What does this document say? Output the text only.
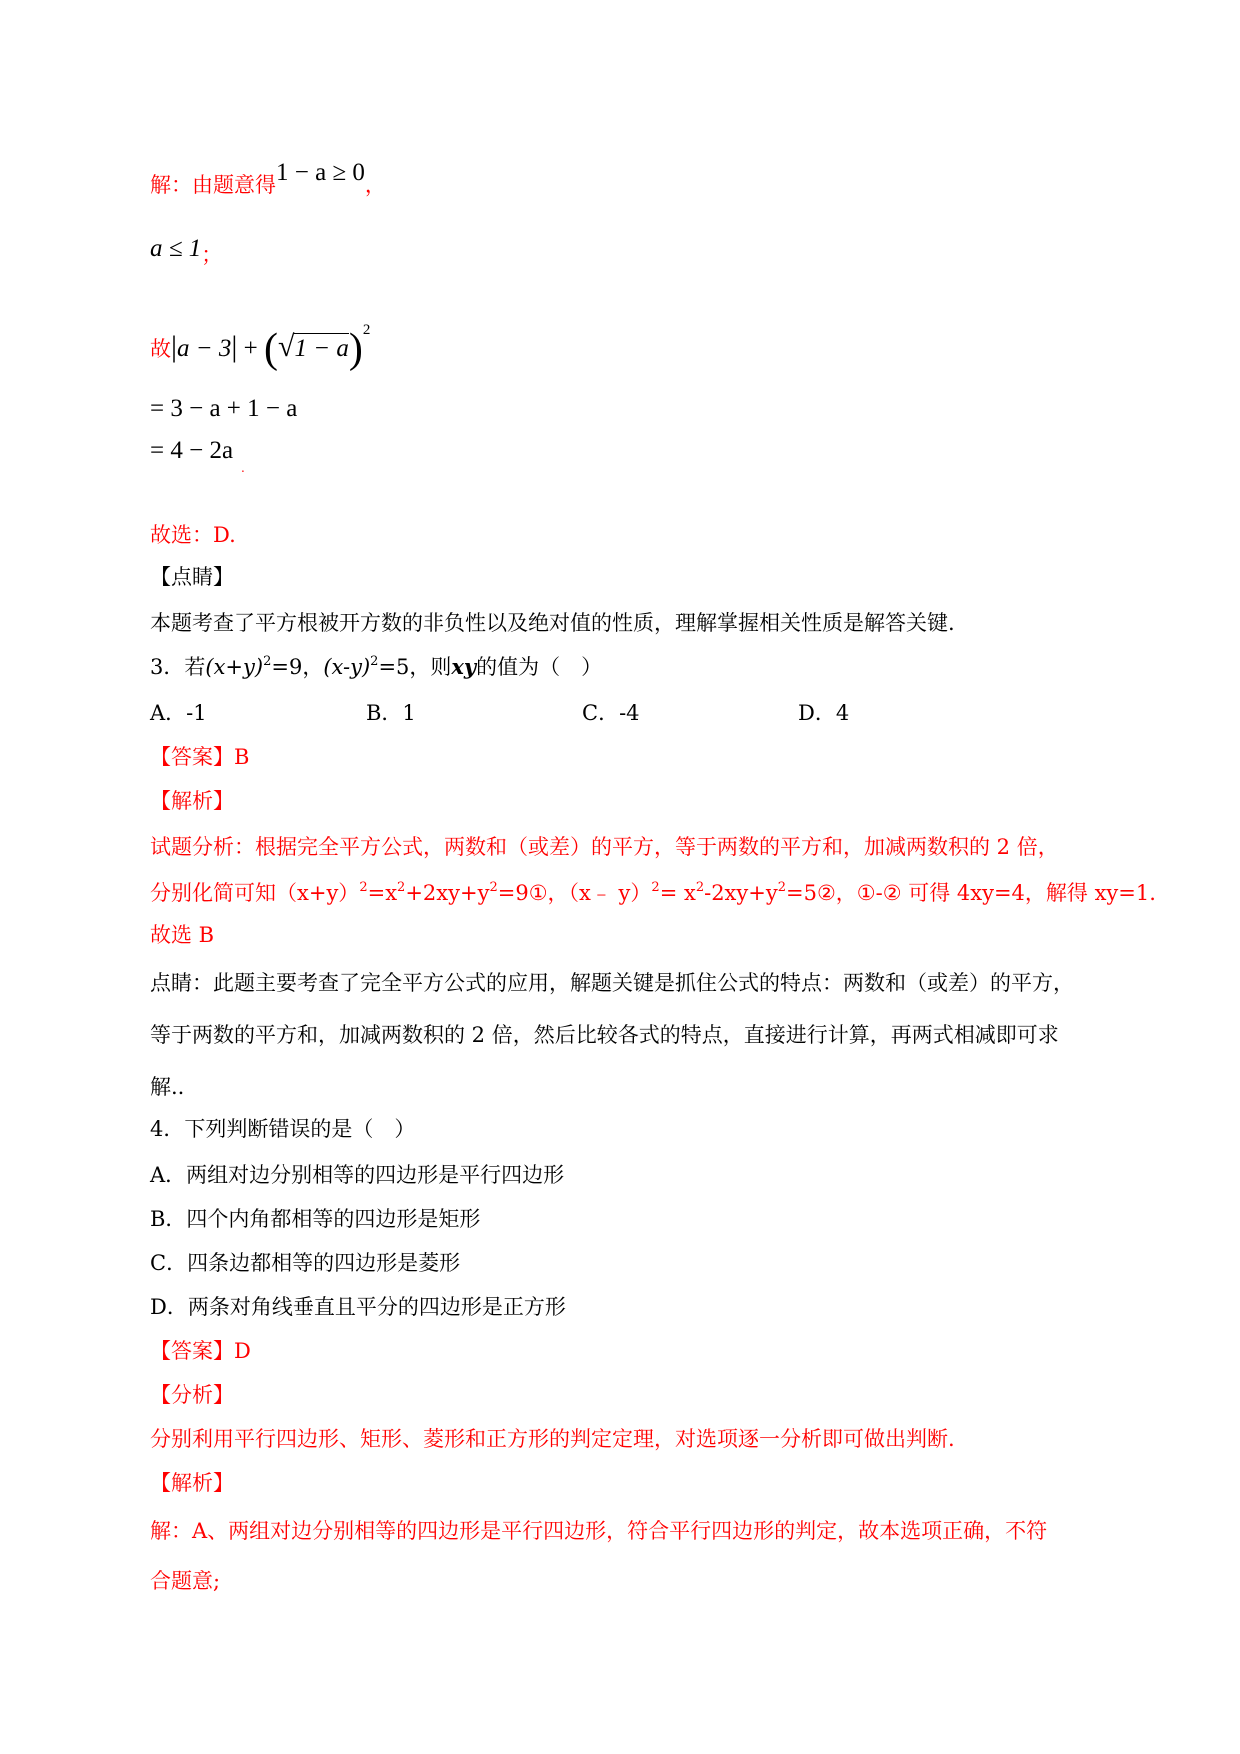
解：由题意得1 − a ≥ 0，
a ≤ 1；
故$|a - 3| + (√1 - a)^2$
= 3 − a + 1 − a
= $4 - 2a_.$
故选：D.
【点睛】
本题考查了平方根被开方数的非负性以及绝对值的性质，理解掌握相关性质是解答关键.
3．若$(x+y)^2=9$，$(x-y)^2=5$，则xy的值为（　）
A．-1	B．1	C．-4	D．4
【答案】B
【解析】
试题分析：根据完全平方公式，两数和（或差）的平方，等于两数的平方和，加减两数积的 2 倍，
分别化简可知$(x+y)^2=x^2+2xy+y^2=9①$，（x﹣ $y)^2= x^2-2xy+y^2=5②$，①-② 可得 4xy=4，解得 xy=1.
故选 B
点睛：此题主要考查了完全平方公式的应用，解题关键是抓住公式的特点：两数和（或差）的平方，
等于两数的平方和，加减两数积的 2 倍，然后比较各式的特点，直接进行计算，再两式相减即可求
解..
4．下列判断错误的是（　）
A．两组对边分别相等的四边形是平行四边形
B．四个内角都相等的四边形是矩形
C．四条边都相等的四边形是菱形
D．两条对角线垂直且平分的四边形是正方形
【答案】D
【分析】
分别利用平行四边形、矩形、菱形和正方形的判定定理，对选项逐一分析即可做出判断.
【解析】
解：A、两组对边分别相等的四边形是平行四边形，符合平行四边形的判定，故本选项正确，不符
合题意;
